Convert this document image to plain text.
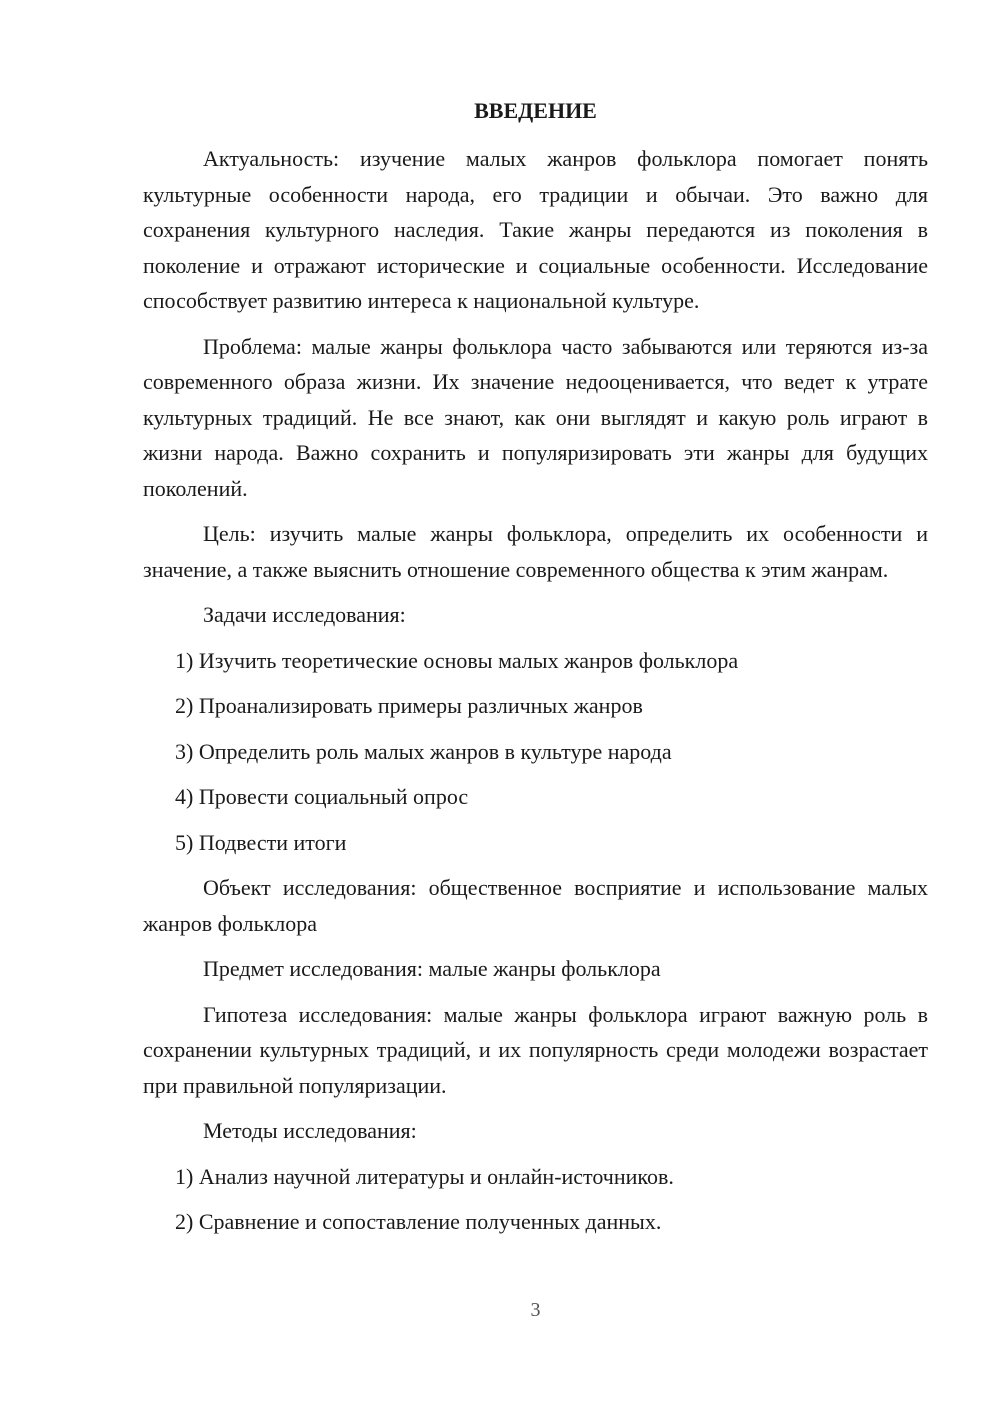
ВВЕДЕНИЕ

Актуальность: изучение малых жанров фольклора помогает понять культурные особенности народа, его традиции и обычаи. Это важно для сохранения культурного наследия. Такие жанры передаются из поколения в поколение и отражают исторические и социальные особенности. Исследование способствует развитию интереса к национальной культуре.

Проблема: малые жанры фольклора часто забываются или теряются из-за современного образа жизни. Их значение недооценивается, что ведет к утрате культурных традиций. Не все знают, как они выглядят и какую роль играют в жизни народа. Важно сохранить и популяризировать эти жанры для будущих поколений.

Цель: изучить малые жанры фольклора, определить их особенности и значение, а также выяснить отношение современного общества к этим жанрам.

Задачи исследования:

1) Изучить теоретические основы малых жанров фольклора

2) Проанализировать примеры различных жанров

3) Определить роль малых жанров в культуре народа

4) Провести социальный опрос

5) Подвести итоги

Объект исследования: общественное восприятие и использование малых жанров фольклора

Предмет исследования: малые жанры фольклора

Гипотеза исследования: малые жанры фольклора играют важную роль в сохранении культурных традиций, и их популярность среди молодежи возрастает при правильной популяризации.

Методы исследования:

1) Анализ научной литературы и онлайн-источников.

2) Сравнение и сопоставление полученных данных.

3
